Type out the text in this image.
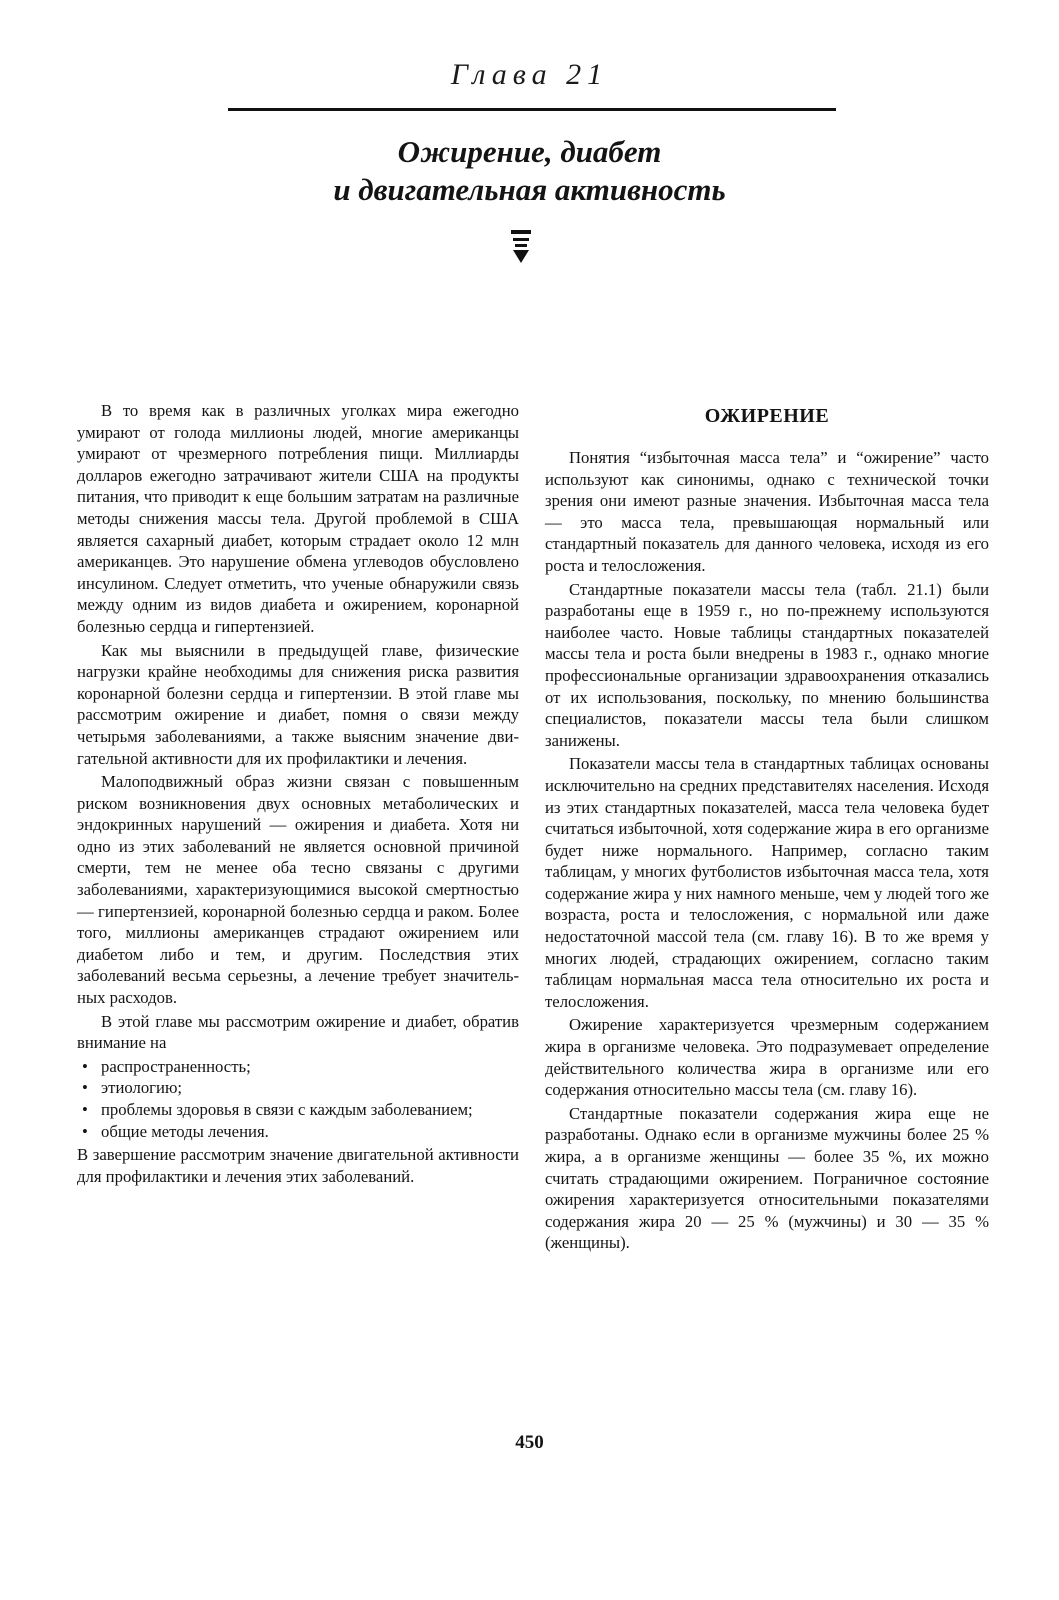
Глава 21
Ожирение, диабет
и двигательная активность

В то время как в различных уголках мира ежегодно умирают от голода миллионы людей, многие американцы умирают от чрезмерного потребления пищи. Миллиарды долларов ежегодно затрачивают жители США на продукты питания, что приводит к еще большим затратам на различные методы снижения массы тела. Другой проблемой в США является сахарный диабет, которым страдает около 12 млн американцев. Это нарушение обмена углеводов обусловлено инсулином. Следует отметить, что ученые обнаружили связь между одним из видов диабета и ожирением, коронарной болезнью сердца и гипертензией.

Как мы выяснили в предыдущей главе, физические нагрузки крайне необходимы для снижения риска развития коронарной болезни сердца и гипертензии. В этой главе мы рассмотрим ожирение и диабет, помня о связи между четырьмя заболеваниями, а также выясним значение двигательной активности для их профилактики и лечения.

Малоподвижный образ жизни связан с повышенным риском возникновения двух основных метаболических и эндокринных нарушений — ожирения и диабета. Хотя ни одно из этих заболеваний не является основной причиной смерти, тем не менее оба тесно связаны с другими заболеваниями, характеризующимися высокой смертностью — гипертензией, коронарной болезнью сердца и раком. Более того, миллионы американцев страдают ожирением или диабетом либо и тем, и другим. Последствия этих заболеваний весьма серьезны, а лечение требует значительных расходов.

В этой главе мы рассмотрим ожирение и диабет, обратив внимание на

• распространенность;
• этиологию;
• проблемы здоровья в связи с каждым заболеванием;
• общие методы лечения.

В завершение рассмотрим значение двигательной активности для профилактики и лечения этих заболеваний.

ОЖИРЕНИЕ

Понятия “избыточная масса тела” и “ожирение” часто используют как синонимы, однако с технической точки зрения они имеют разные значения. Избыточная масса тела — это масса тела, превышающая нормальный или стандартный показатель для данного человека, исходя из его роста и телосложения.

Стандартные показатели массы тела (табл. 21.1) были разработаны еще в 1959 г., но по-прежнему используются наиболее часто. Новые таблицы стандартных показателей массы тела и роста были внедрены в 1983 г., однако многие профессиональные организации здравоохранения отказались от их использования, поскольку, по мнению большинства специалистов, показатели массы тела были слишком занижены.

Показатели массы тела в стандартных таблицах основаны исключительно на средних представителях населения. Исходя из этих стандартных показателей, масса тела человека будет считаться избыточной, хотя содержание жира в его организме будет ниже нормального. Например, согласно таким таблицам, у многих футболистов избыточная масса тела, хотя содержание жира у них намного меньше, чем у людей того же возраста, роста и телосложения, с нормальной или даже недостаточной массой тела (см. главу 16). В то же время у многих людей, страдающих ожирением, согласно таким таблицам нормальная масса тела относительно их роста и телосложения.

Ожирение характеризуется чрезмерным содержанием жира в организме человека. Это подразумевает определение действительного количества жира в организме или его содержания относительно массы тела (см. главу 16).

Стандартные показатели содержания жира еще не разработаны. Однако если в организме мужчины более 25 % жира, а в организме женщины — более 35 %, их можно считать страдающими ожирением. Пограничное состояние ожирения характеризуется относительными показателями содержания жира 20 — 25 % (мужчины) и 30 — 35 % (женщины).

450
